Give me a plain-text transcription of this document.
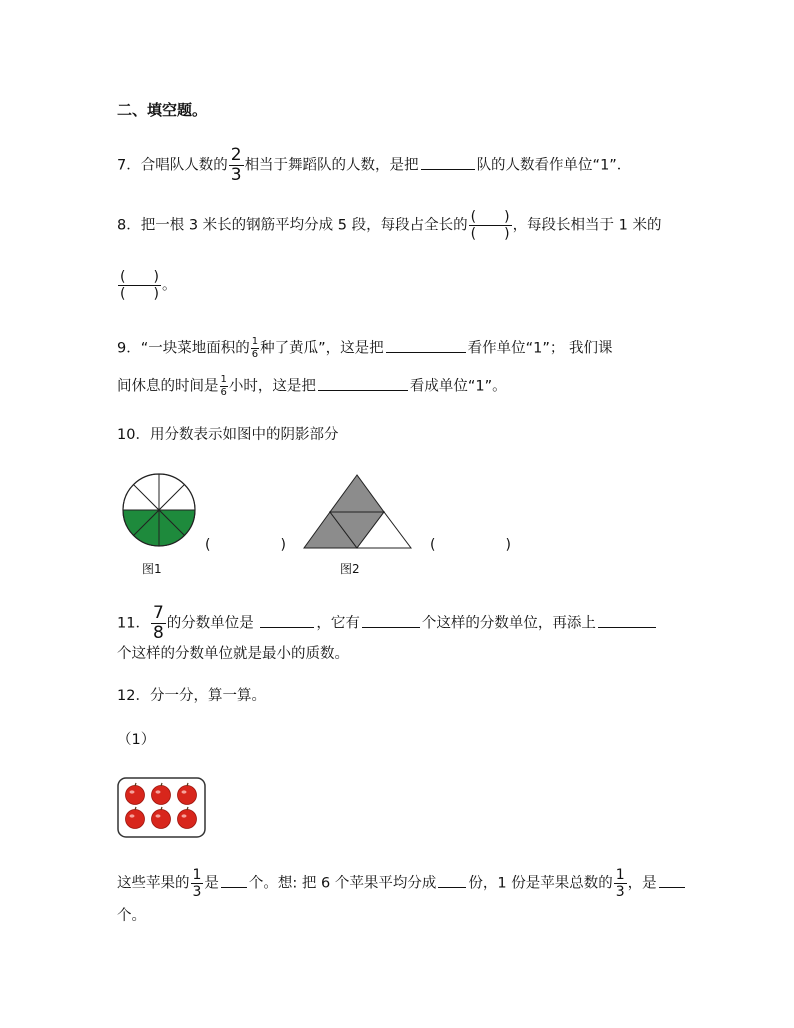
二、填空题。
7．合唱队人数的 $\frac{2}{3}$ 相当于舞蹈队的人数，是把	队的人数看作单位“1”．
8．把一根 3 米长的钢筋平均分成 5 段，每段占全长的 $\frac{( )}{( )}$ ，每段长相当于 1 米的
$\frac{( )}{( )}$ 。
9．“一块菜地面积的 $\frac{1}{6}$ 种了黄瓜”，这是把	看作单位“1”； 我们课
间休息的时间是 $\frac{1}{6}$ 小时，这是把	看成单位“1”。
10．用分数表示如图中的阴影部分
(　　)
图1
(　　)
图2
11． $\frac{7}{8}$ 的分数单位是	，它有	个这样的分数单位，再添上
个这样的分数单位就是最小的质数。
12．分一分，算一算。
（1）
这些苹果的 $\frac{1}{3}$ 是 个。想: 把 6 个苹果平均分成 份，1 份是苹果总数的 $\frac{1}{3}$ ，是
个。
